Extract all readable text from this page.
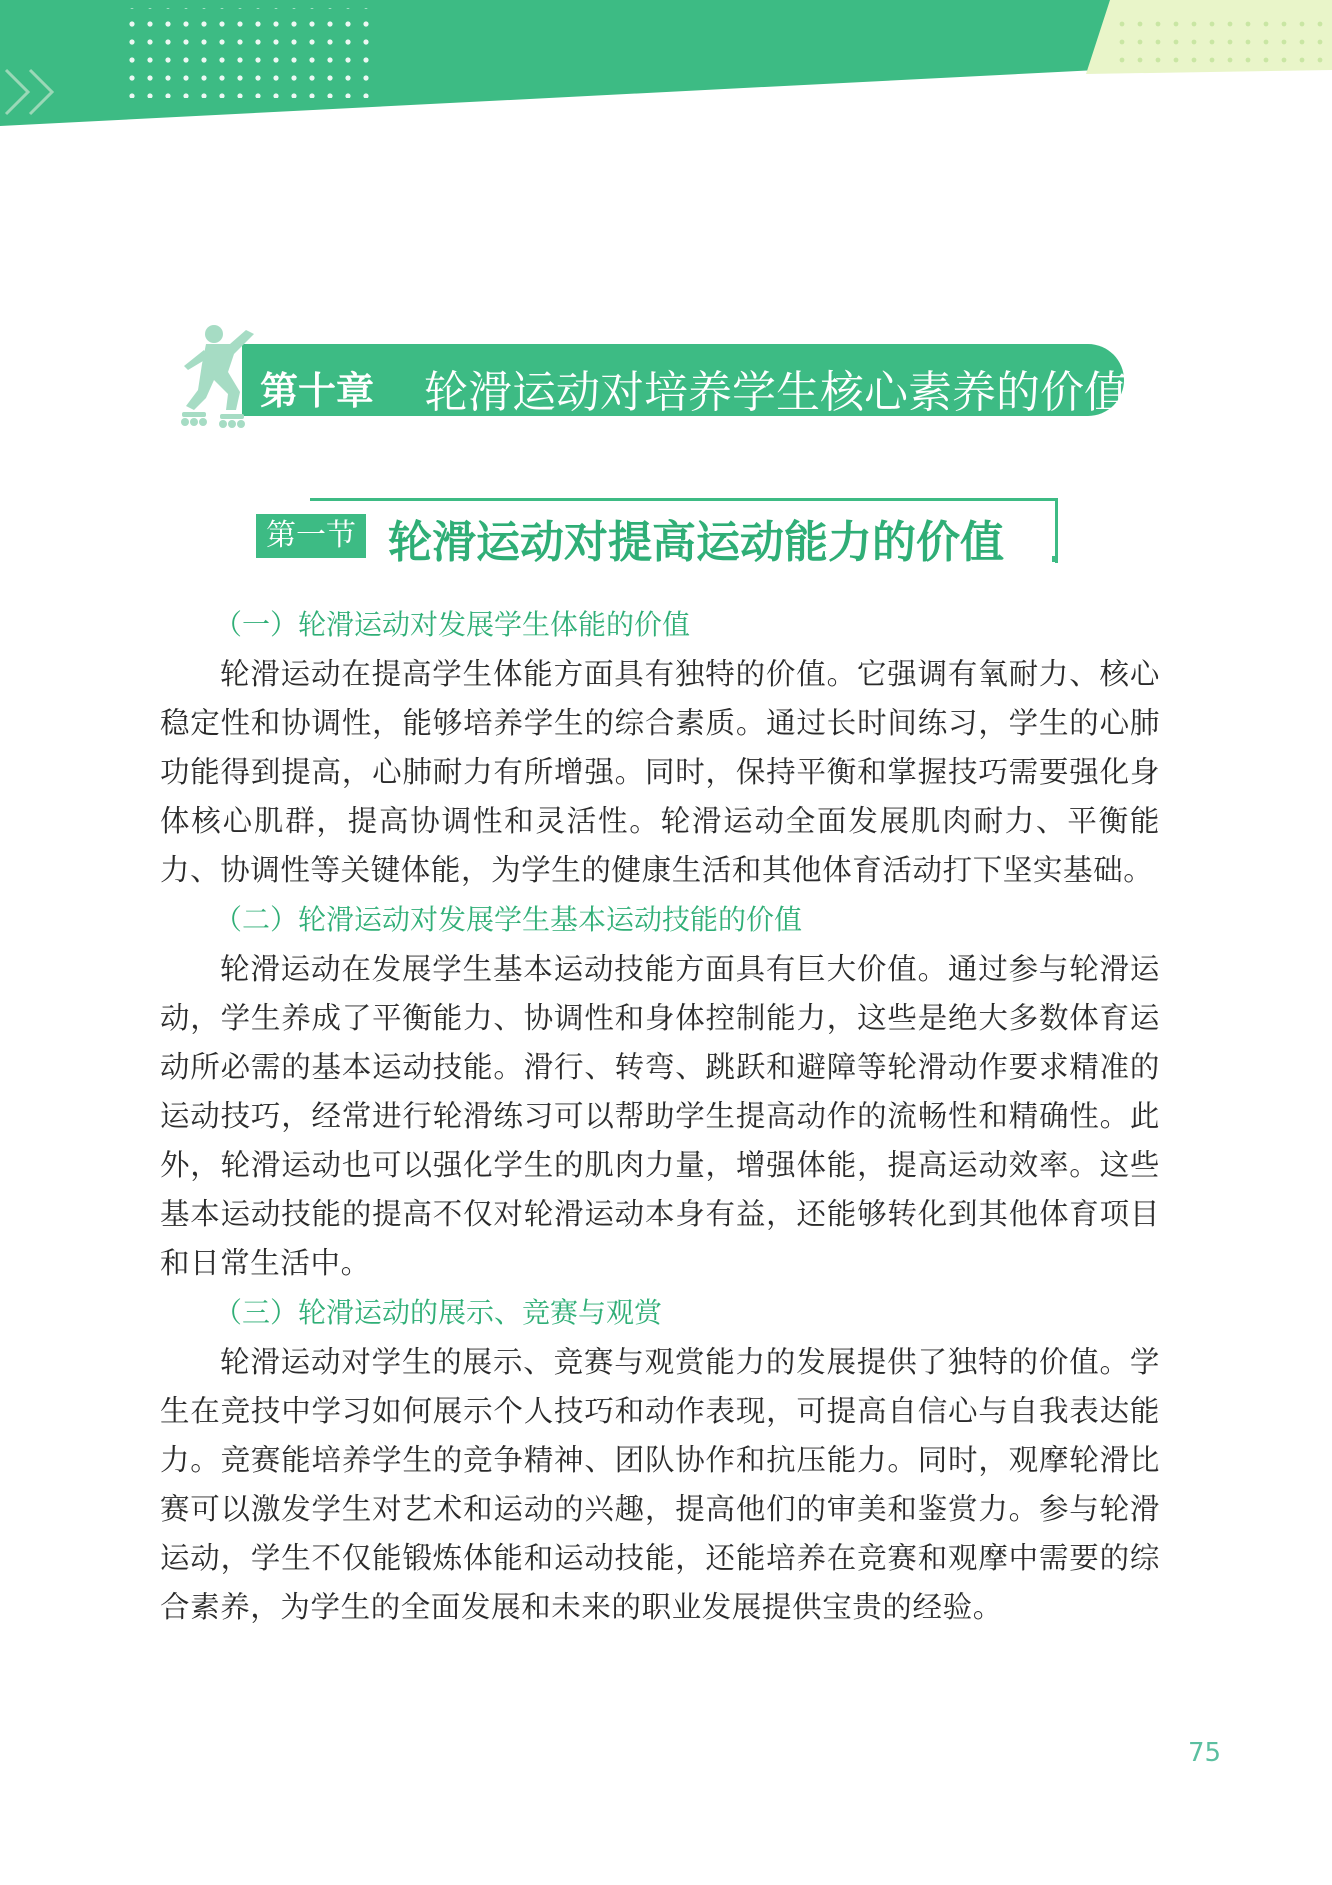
第十章 轮滑运动对培养学生核心素养的价值
第一节 轮滑运动对提高运动能力的价值

（一）轮滑运动对发展学生体能的价值

轮滑运动在提高学生体能方面具有独特的价值。它强调有氧耐力、核心稳定性和协调性，能够培养学生的综合素质。通过长时间练习，学生的心肺功能得到提高，心肺耐力有所增强。同时，保持平衡和掌握技巧需要强化身体核心肌群，提高协调性和灵活性。轮滑运动全面发展肌肉耐力、平衡能力、协调性等关键体能，为学生的健康生活和其他体育活动打下坚实基础。

（二）轮滑运动对发展学生基本运动技能的价值

轮滑运动在发展学生基本运动技能方面具有巨大价值。通过参与轮滑运动，学生养成了平衡能力、协调性和身体控制能力，这些是绝大多数体育运动所必需的基本运动技能。滑行、转弯、跳跃和避障等轮滑动作要求精准的运动技巧，经常进行轮滑练习可以帮助学生提高动作的流畅性和精确性。此外，轮滑运动也可以强化学生的肌肉力量，增强体能，提高运动效率。这些基本运动技能的提高不仅对轮滑运动本身有益，还能够转化到其他体育项目和日常生活中。

（三）轮滑运动的展示、竞赛与观赏

轮滑运动对学生的展示、竞赛与观赏能力的发展提供了独特的价值。学生在竞技中学习如何展示个人技巧和动作表现，可提高自信心与自我表达能力。竞赛能培养学生的竞争精神、团队协作和抗压能力。同时，观摩轮滑比赛可以激发学生对艺术和运动的兴趣，提高他们的审美和鉴赏力。参与轮滑运动，学生不仅能锻炼体能和运动技能，还能培养在竞赛和观摩中需要的综合素养，为学生的全面发展和未来的职业发展提供宝贵的经验。

75
